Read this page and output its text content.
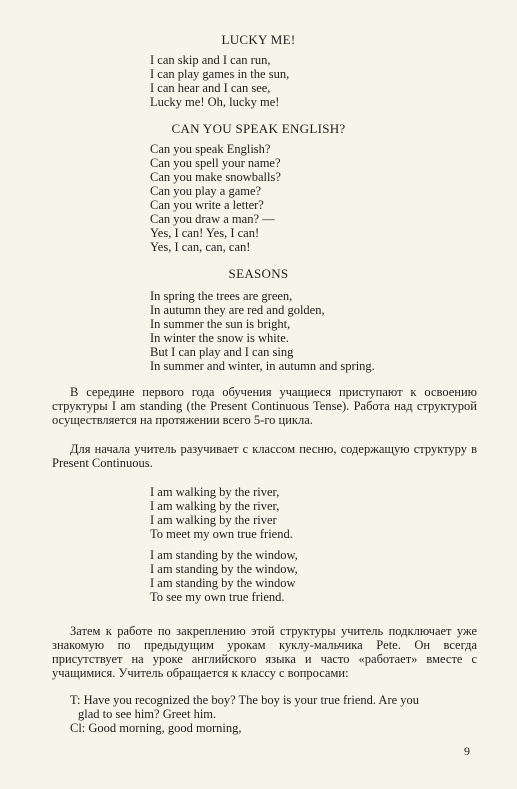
LUCKY ME!
I can skip and I can run,
I can play games in the sun,
I can hear and I can see,
Lucky me! Oh, lucky me!
CAN YOU SPEAK ENGLISH?
Can you speak English?
Can you spell your name?
Can you make snowballs?
Can you play a game?
Can you write a letter?
Can you draw a man? —
Yes, I can! Yes, I can!
Yes, I can, can, can!
SEASONS
In spring the trees are green,
In autumn they are red and golden,
In summer the sun is bright,
In winter the snow is white.
But I can play and I can sing
In summer and winter, in autumn and spring.
В середине первого года обучения учащиеся приступают к освоению структуры I am standing (the Present Continuous Tense). Работа над структурой осуществляется на протяжении всего 5-го цикла.
Для начала учитель разучивает с классом песню, содержащую структуру в Present Continuous.
I am walking by the river,
I am walking by the river,
I am walking by the river
To meet my own true friend.
I am standing by the window,
I am standing by the window,
I am standing by the window
To see my own true friend.
Затем к работе по закреплению этой структуры учитель подключает уже знакомую по предыдущим урокам куклу-мальчика Pete. Он всегда присутствует на уроке английского языка и часто «работает» вместе с учащимися. Учитель обращается к классу с вопросами:
T: Have you recognized the boy? The boy is your true friend. Are you
glad to see him? Greet him.
Cl: Good morning, good morning,
9
